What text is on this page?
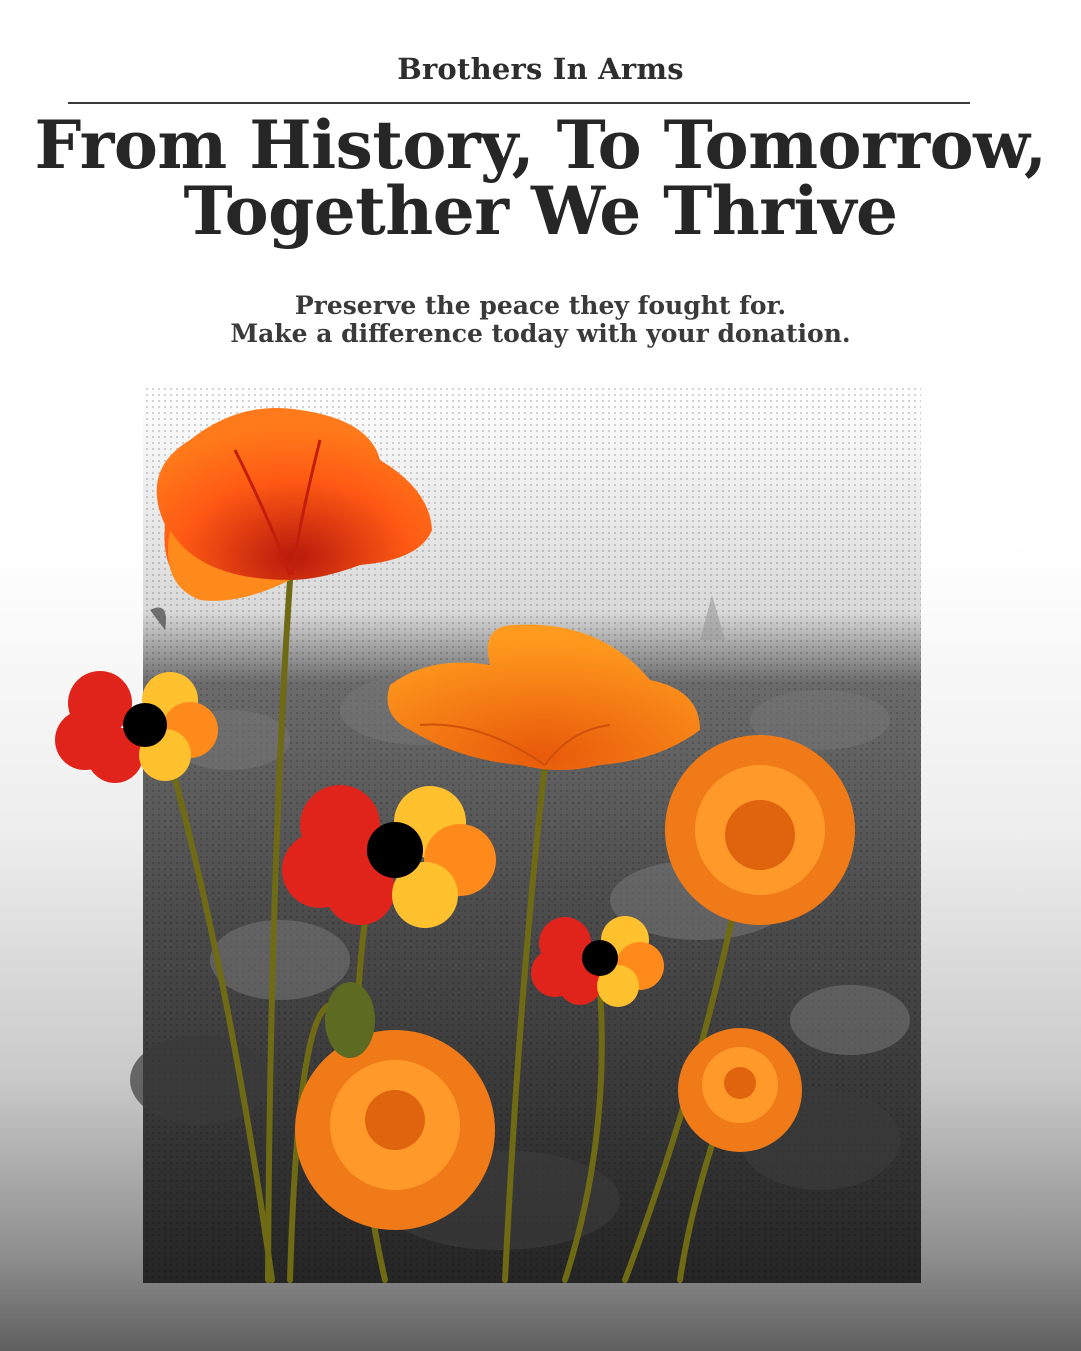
Brothers In Arms
From History, To Tomorrow,
Together We Thrive
Preserve the peace they fought for.
Make a difference today with your donation.
